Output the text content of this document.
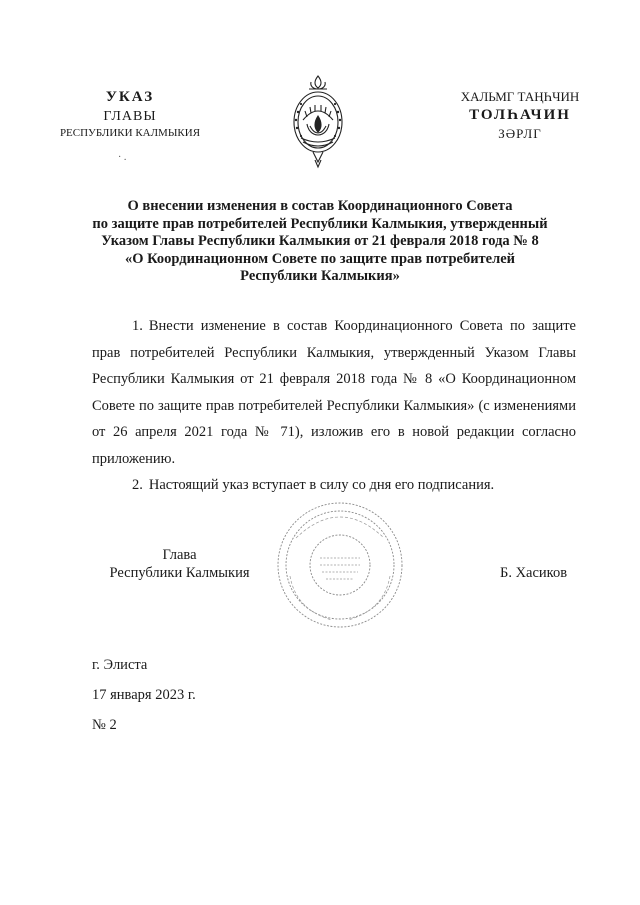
УКАЗ
ГЛАВЫ
РЕСПУБЛИКИ КАЛМЫКИЯ
ХАЛЬМГ ТАҢҺЧИН
ТОЛҺАЧИН
ЗӘРЛГ
· .
О внесении изменения в состав Координационного Совета
по защите прав потребителей Республики Калмыкия, утвержденный
Указом Главы Республики Калмыкия от 21 февраля 2018 года № 8
«О Координационном Совете по защите прав потребителей
Республики Калмыкия»

1. Внести изменение в состав Координационного Совета по защите прав потребителей Республики Калмыкия, утвержденный Указом Главы Республики Калмыкия от 21 февраля 2018 года № 8 «О Координационном Совете по защите прав потребителей Республики Калмыкия» (с изменениями от 26 апреля 2021 года № 71), изложив его в новой редакции согласно приложению.

2. Настоящий указ вступает в силу со дня его подписания.

Глава
Республики Калмыкия	Б. Хасиков
г. Элиста
17 января 2023 г.
№ 2
